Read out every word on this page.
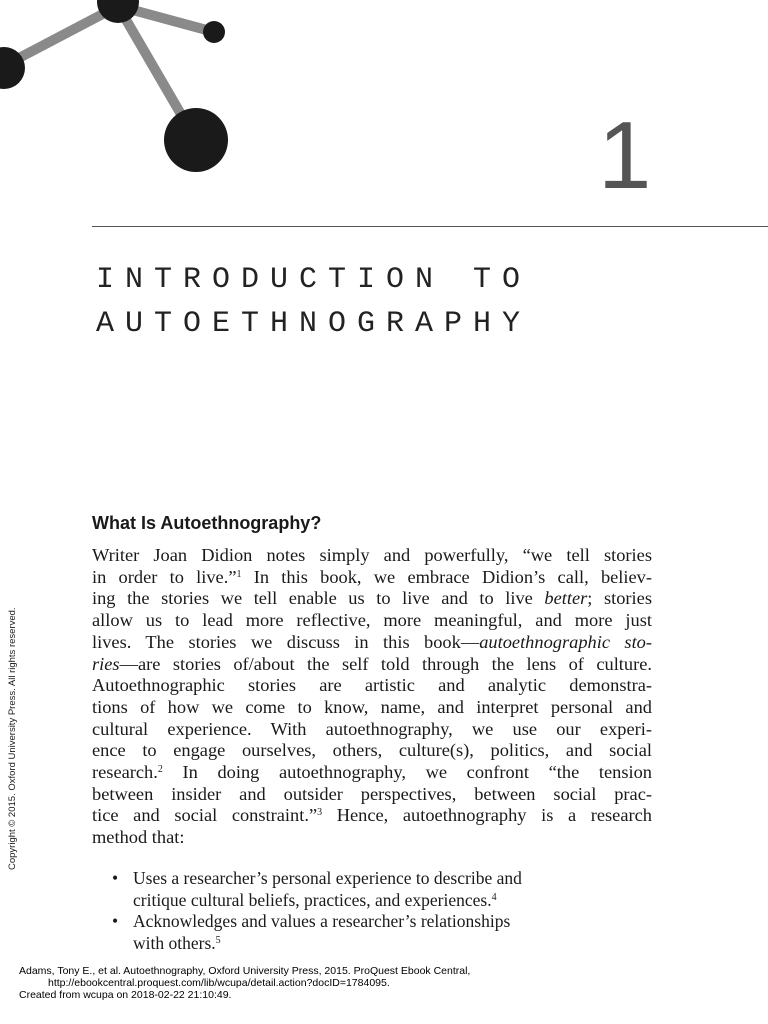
1
INTRODUCTION TO
AUTOETHNOGRAPHY
What Is Autoethnography?
Writer Joan Didion notes simply and powerfully, “we tell stories
in order to live.”$^1$ In this book, we embrace Didion’s call, believ-
ing the stories we tell enable us to live and to live better; stories
allow us to lead more reflective, more meaningful, and more just
lives. The stories we discuss in this book—autoethnographic sto-
ries—are stories of/about the self told through the lens of culture.
Autoethnographic stories are artistic and analytic demonstra-
tions of how we come to know, name, and interpret personal and
cultural experience. With autoethnography, we use our experi-
ence to engage ourselves, others, culture(s), politics, and social
research.$^2$ In doing autoethnography, we confront “the tension
between insider and outsider perspectives, between social prac-
tice and social constraint.”$^3$ Hence, autoethnography is a research
method that:
• Uses a researcher’s personal experience to describe and
critique cultural beliefs, practices, and experiences.$^4$
• Acknowledges and values a researcher’s relationships
with others.$^5$
Copyright © 2015. Oxford University Press. All rights reserved.
Adams, Tony E., et al. Autoethnography, Oxford University Press, 2015. ProQuest Ebook Central,
http://ebookcentral.proquest.com/lib/wcupa/detail.action?docID=1784095.
Created from wcupa on 2018-02-22 21:10:49.
